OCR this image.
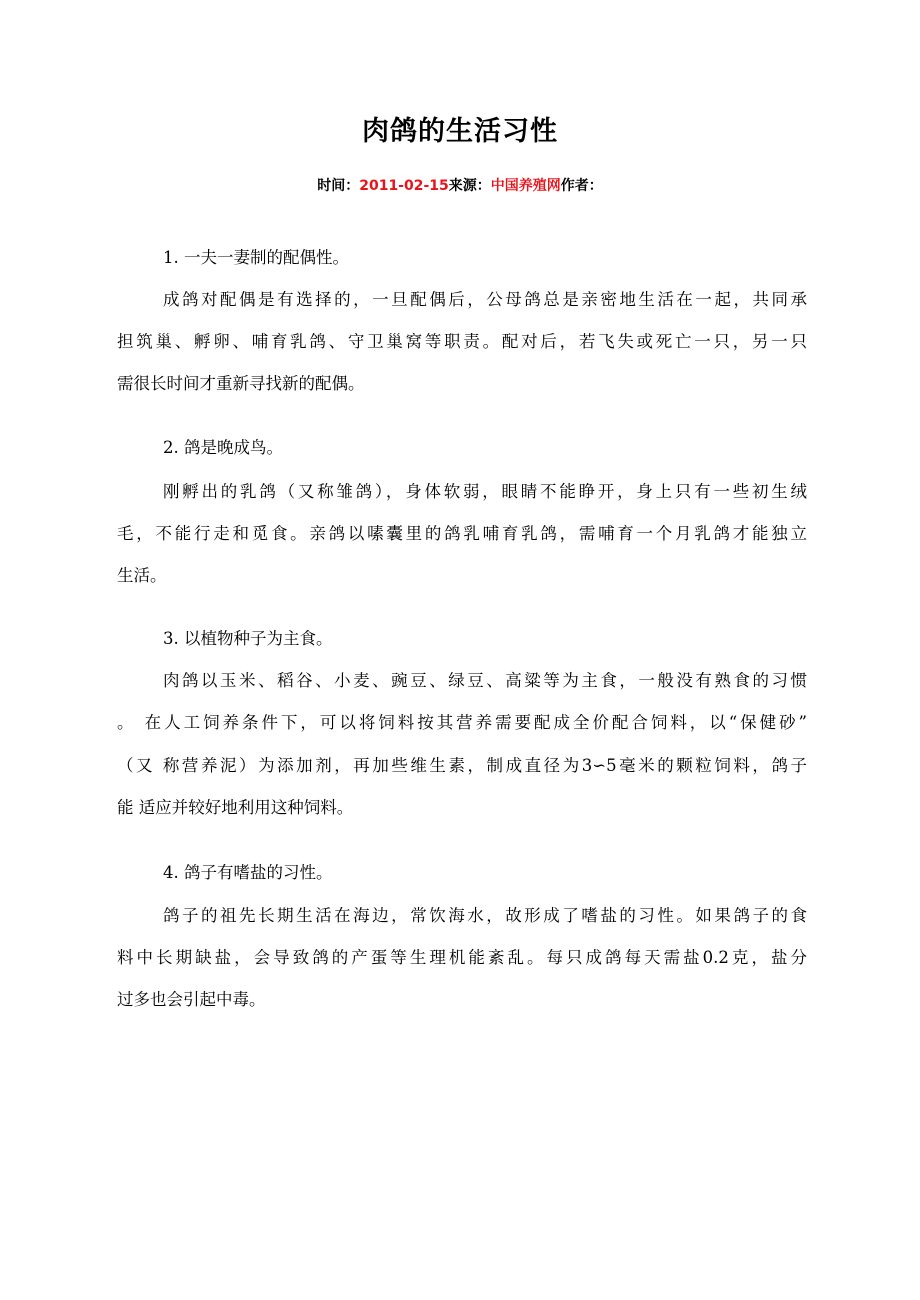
肉鸽的生活习性
时间：2011-02-15来源：中国养殖网作者：
1. 一夫一妻制的配偶性。
成鸽对配偶是有选择的，一旦配偶后，公母鸽总是亲密地生活在一起，共同承
担筑巢、孵卵、哺育乳鸽、守卫巢窝等职责。配对后，若飞失或死亡一只，另一只
需很长时间才重新寻找新的配偶。
2. 鸽是晚成鸟。
刚孵出的乳鸽（又称雏鸽），身体软弱，眼睛不能睁开，身上只有一些初生绒
毛，不能行走和觅食。亲鸽以嗉囊里的鸽乳哺育乳鸽，需哺育一个月乳鸽才能独立
生活。
3. 以植物种子为主食。
肉鸽以玉米、稻谷、小麦、豌豆、绿豆、高粱等为主食，一般没有熟食的习惯
。 在人工饲养条件下，可以将饲料按其营养需要配成全价配合饲料，以“保健砂”
（又 称营养泥）为添加剂，再加些维生素，制成直径为3∽5毫米的颗粒饲料，鸽子
能 适应并较好地利用这种饲料。
4. 鸽子有嗜盐的习性。
鸽子的祖先长期生活在海边，常饮海水，故形成了嗜盐的习性。如果鸽子的食
料中长期缺盐，会导致鸽的产蛋等生理机能紊乱。每只成鸽每天需盐0.2克，盐分
过多也会引起中毒。
